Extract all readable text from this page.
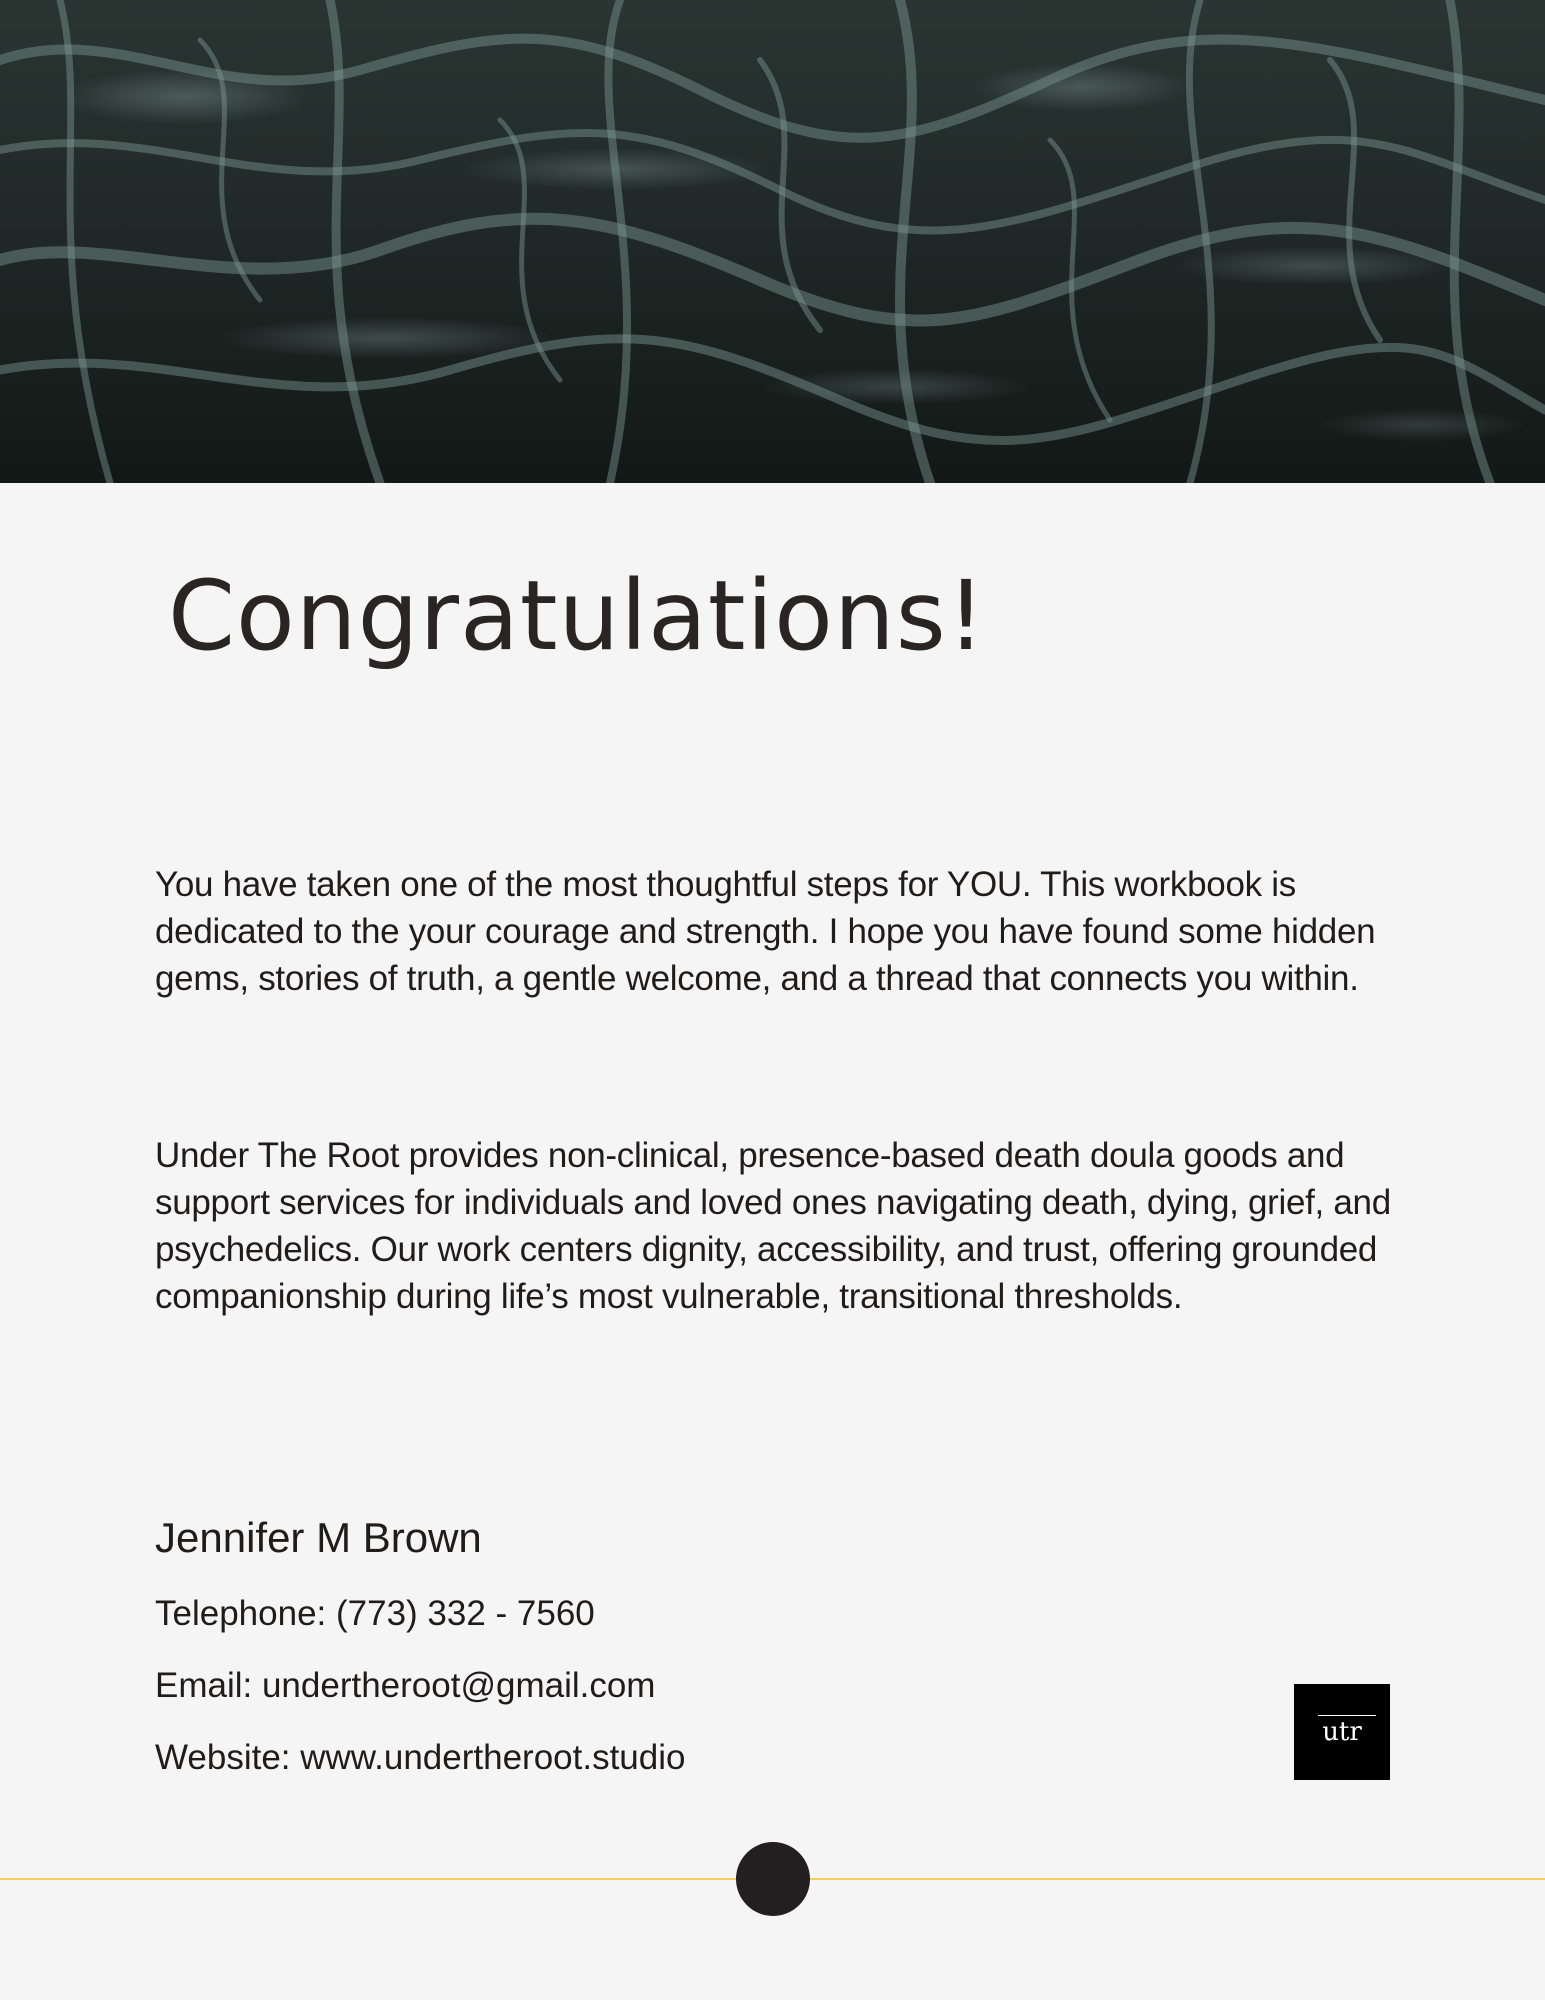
Congratulations!

You have taken one of the most thoughtful steps for YOU. This workbook is dedicated to the your courage and strength. I hope you have found some hidden gems, stories of truth, a gentle welcome, and a thread that connects you within.

Under The Root provides non-clinical, presence-based death doula goods and support services for individuals and loved ones navigating death, dying, grief, and psychedelics. Our work centers dignity, accessibility, and trust, offering grounded companionship during life’s most vulnerable, transitional thresholds.

Jennifer M Brown

Telephone: (773) 332 - 7560

Email: undertheroot@gmail.com

Website: www.undertheroot.studio

utr
